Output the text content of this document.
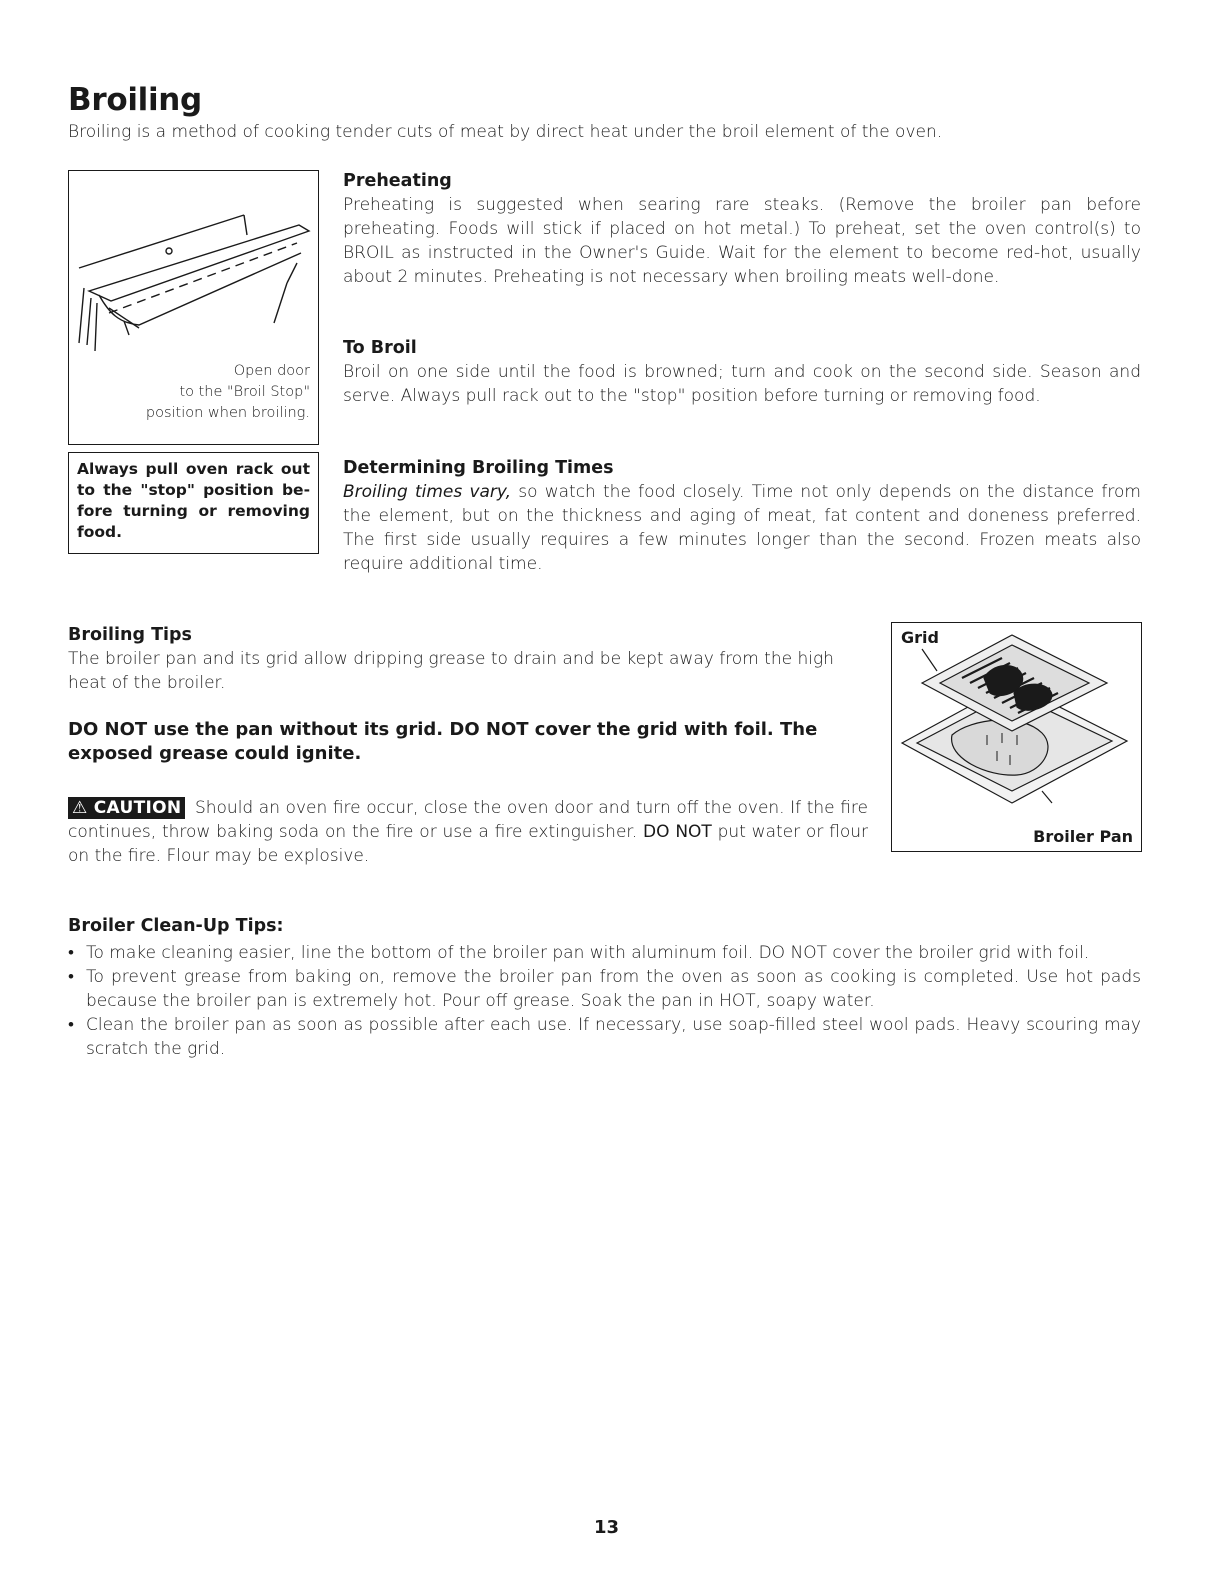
Broiling

Broiling is a method of cooking tender cuts of meat by direct heat under the broil element of the oven.

Open door
to the "Broil Stop"
position when broiling.
Always pull oven rack out to the "stop" position be-fore turning or removing food.

Preheating

Preheating is suggested when searing rare steaks. (Remove the broiler pan before preheating. Foods will stick if placed on hot metal.) To preheat, set the oven control(s) to BROIL as instructed in the Owner's Guide. Wait for the element to become red-hot, usually about 2 minutes. Preheating is not necessary when broiling meats well-done.

To Broil

Broil on one side until the food is browned; turn and cook on the second side. Season and serve. Always pull rack out to the "stop" position before turning or removing food.

Determining Broiling Times

Broiling times vary, so watch the food closely. Time not only depends on the distance from the element, but on the thickness and aging of meat, fat content and doneness preferred. The first side usually requires a few minutes longer than the second. Frozen meats also require additional time.

Broiling Tips

The broiler pan and its grid allow dripping grease to drain and be kept away from the high heat of the broiler.

DO NOT use the pan without its grid. DO NOT cover the grid with foil. The exposed grease could ignite.

⚠ CAUTION Should an oven fire occur, close the oven door and turn off the oven. If the fire continues, throw baking soda on the fire or use a fire extinguisher. DO NOT put water or flour on the fire. Flour may be explosive.

Grid
Broiler Pan

Broiler Clean-Up Tips:

• To make cleaning easier, line the bottom of the broiler pan with aluminum foil. DO NOT cover the broiler grid with foil.
• To prevent grease from baking on, remove the broiler pan from the oven as soon as cooking is completed. Use hot pads because the broiler pan is extremely hot. Pour off grease. Soak the pan in HOT, soapy water.
• Clean the broiler pan as soon as possible after each use. If necessary, use soap-filled steel wool pads. Heavy scouring may scratch the grid.
13
